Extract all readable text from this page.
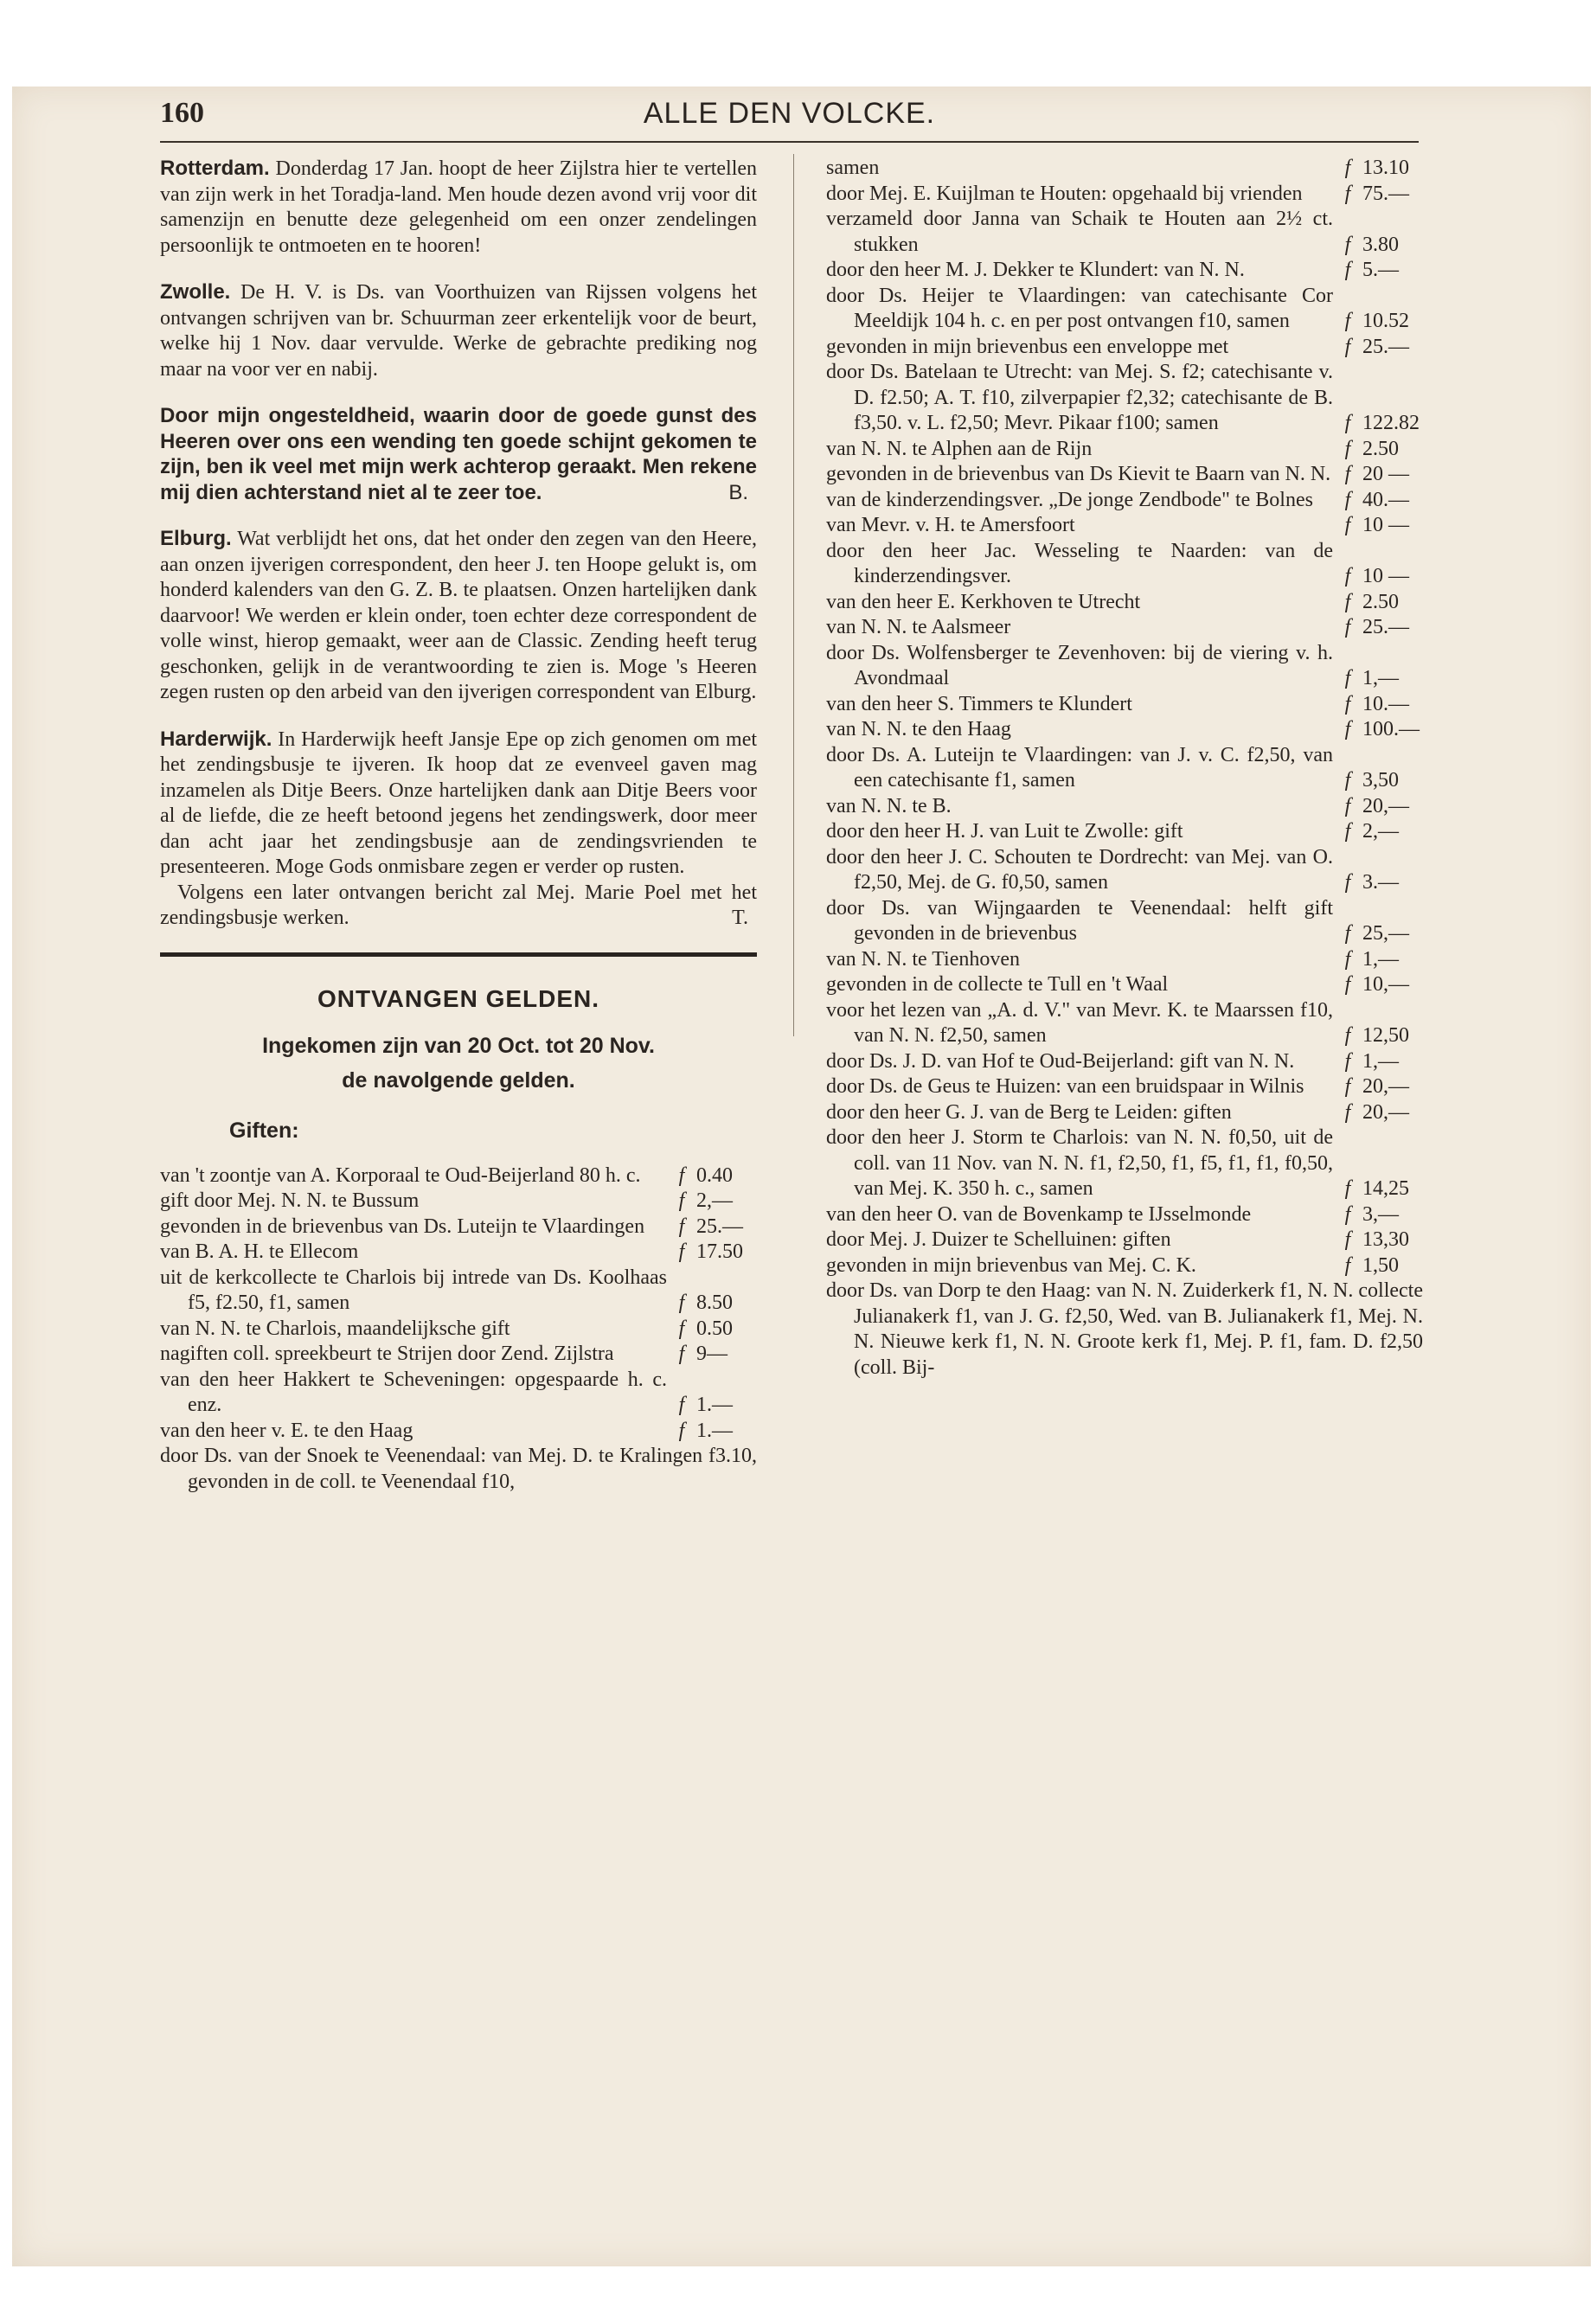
160	ALLE DEN VOLCKE.

Rotterdam. Donderdag 17 Jan. hoopt de heer Zijlstra hier te vertellen van zijn werk in het Toradja-land. Men houde dezen avond vrij voor dit samenzijn en benutte deze gelegenheid om een onzer zendelingen persoonlijk te ontmoeten en te hooren!

Zwolle. De H. V. is Ds. van Voorthuizen van Rijssen volgens het ontvangen schrijven van br. Schuurman zeer erkentelijk voor de beurt, welke hij 1 Nov. daar vervulde. Werke de gebrachte prediking nog maar na voor ver en nabij.

Door mijn ongesteldheid, waarin door de goede gunst des Heeren over ons een wending ten goede schijnt gekomen te zijn, ben ik veel met mijn werk achterop geraakt. Men rekene mij dien achterstand niet al te zeer toe.	B.

Elburg. Wat verblijdt het ons, dat het onder den zegen van den Heere, aan onzen ijverigen correspondent, den heer J. ten Hoope gelukt is, om honderd kalenders van den G. Z. B. te plaatsen. Onzen hartelijken dank daarvoor! We werden er klein onder, toen echter deze correspondent de volle winst, hierop gemaakt, weer aan de Classic. Zending heeft terug geschonken, gelijk in de verantwoording te zien is. Moge 's Heeren zegen rusten op den arbeid van den ijverigen correspondent van Elburg.

Harderwijk. In Harderwijk heeft Jansje Epe op zich genomen om met het zendingsbusje te ijveren. Ik hoop dat ze evenveel gaven mag inzamelen als Ditje Beers. Onze hartelijken dank aan Ditje Beers voor al de liefde, die ze heeft betoond jegens het zendingswerk, door meer dan acht jaar het zendingsbusje aan de zendingsvrienden te presenteeren. Moge Gods onmisbare zegen er verder op rusten.

Volgens een later ontvangen bericht zal Mej. Marie Poel met het zendingsbusje werken.	T.

ONTVANGEN GELDEN.
Ingekomen zijn van 20 Oct. tot 20 Nov.
de navolgende gelden.
Giften:
van 't zoontje van A. Korporaal te Oud-Beijerland 80 h. c.	f 0.40
gift door Mej. N. N. te Bussum	f 2,—
gevonden in de brievenbus van Ds. Luteijn te Vlaardingen	f 25.—
van B. A. H. te Ellecom	f 17.50
uit de kerkcollecte te Charlois bij intrede van Ds. Koolhaas f5, f2.50, f1, samen	f 8.50
van N. N. te Charlois, maandelijksche gift	f 0.50
nagiften coll. spreekbeurt te Strijen door Zend. Zijlstra	f 9—
van den heer Hakkert te Scheveningen: opgespaarde h. c. enz.	f 1.—
van den heer v. E. te den Haag	f 1.—

door Ds. van der Snoek te Veenendaal: van Mej. D. te Kralingen f3.10, gevonden in de coll. te Veenendaal f10,

samen	f 13.10
door Mej. E. Kuijlman te Houten: opgehaald bij vrienden	f 75.—
verzameld door Janna van Schaik te Houten aan 2½ ct. stukken	f 3.80
door den heer M. J. Dekker te Klundert: van N. N.	f 5.—
door Ds. Heijer te Vlaardingen: van catechisante Cor Meeldijk 104 h. c. en per post ontvangen f10, samen	f 10.52
gevonden in mijn brievenbus een enveloppe met	f 25.—
door Ds. Batelaan te Utrecht: van Mej. S. f2; catechisante v. D. f2.50; A. T. f10, zilverpapier f2,32; catechisante de B. f3,50. v. L. f2,50; Mevr. Pikaar f100; samen	f 122.82
van N. N. te Alphen aan de Rijn	f 2.50
gevonden in de brievenbus van Ds Kievit te Baarn van N. N. f 20 —
van de kinderzendingsver. „De jonge Zendbode" te Bolnes	f 40.—
van Mevr. v. H. te Amersfoort	f 10 —
door den heer Jac. Wesseling te Naarden: van de kinderzendingsver.	f 10 —
van den heer E. Kerkhoven te Utrecht	f 2.50
van N. N. te Aalsmeer	f 25.—
door Ds. Wolfensberger te Zevenhoven: bij de viering v. h. Avondmaal	f 1,—
van den heer S. Timmers te Klundert	f 10.—
van N. N. te den Haag	f 100.—
door Ds. A. Luteijn te Vlaardingen: van J. v. C. f2,50, van een catechisante f1, samen	f 3,50
van N. N. te B.	f 20,—
door den heer H. J. van Luit te Zwolle: gift	f 2,—
door den heer J. C. Schouten te Dordrecht: van Mej. van O. f2,50, Mej. de G. f0,50, samen	f 3.—
door Ds. van Wijngaarden te Veenendaal: helft gift gevonden in de brievenbus	f 25,—
van N. N. te Tienhoven	f 1,—
gevonden in de collecte te Tull en 't Waal	f 10,—
voor het lezen van „A. d. V." van Mevr. K. te Maarssen f10, van N. N. f2,50, samen	f 12,50
door Ds. J. D. van Hof te Oud-Beijerland: gift van N. N.	f 1,—
door Ds. de Geus te Huizen: van een bruidspaar in Wilnis	f 20,—
door den heer G. J. van de Berg te Leiden: giften	f 20,—
door den heer J. Storm te Charlois: van N. N. f0,50, uit de coll. van 11 Nov. van N. N. f1, f2,50, f1, f5, f1, f1, f0,50, van Mej. K. 350 h. c., samen	f 14,25
van den heer O. van de Bovenkamp te IJsselmonde	f 3,—
door Mej. J. Duizer te Schelluinen: giften	f 13,30
gevonden in mijn brievenbus van Mej. C. K.	f 1,50

door Ds. van Dorp te den Haag: van N. N. Zuiderkerk f1, N. N. collecte Julianakerk f1, van J. G. f2,50, Wed. van B. Julianakerk f1, Mej. N. N. Nieuwe kerk f1, N. N. Groote kerk f1, Mej. P. f1, fam. D. f2,50 (coll. Bij-
